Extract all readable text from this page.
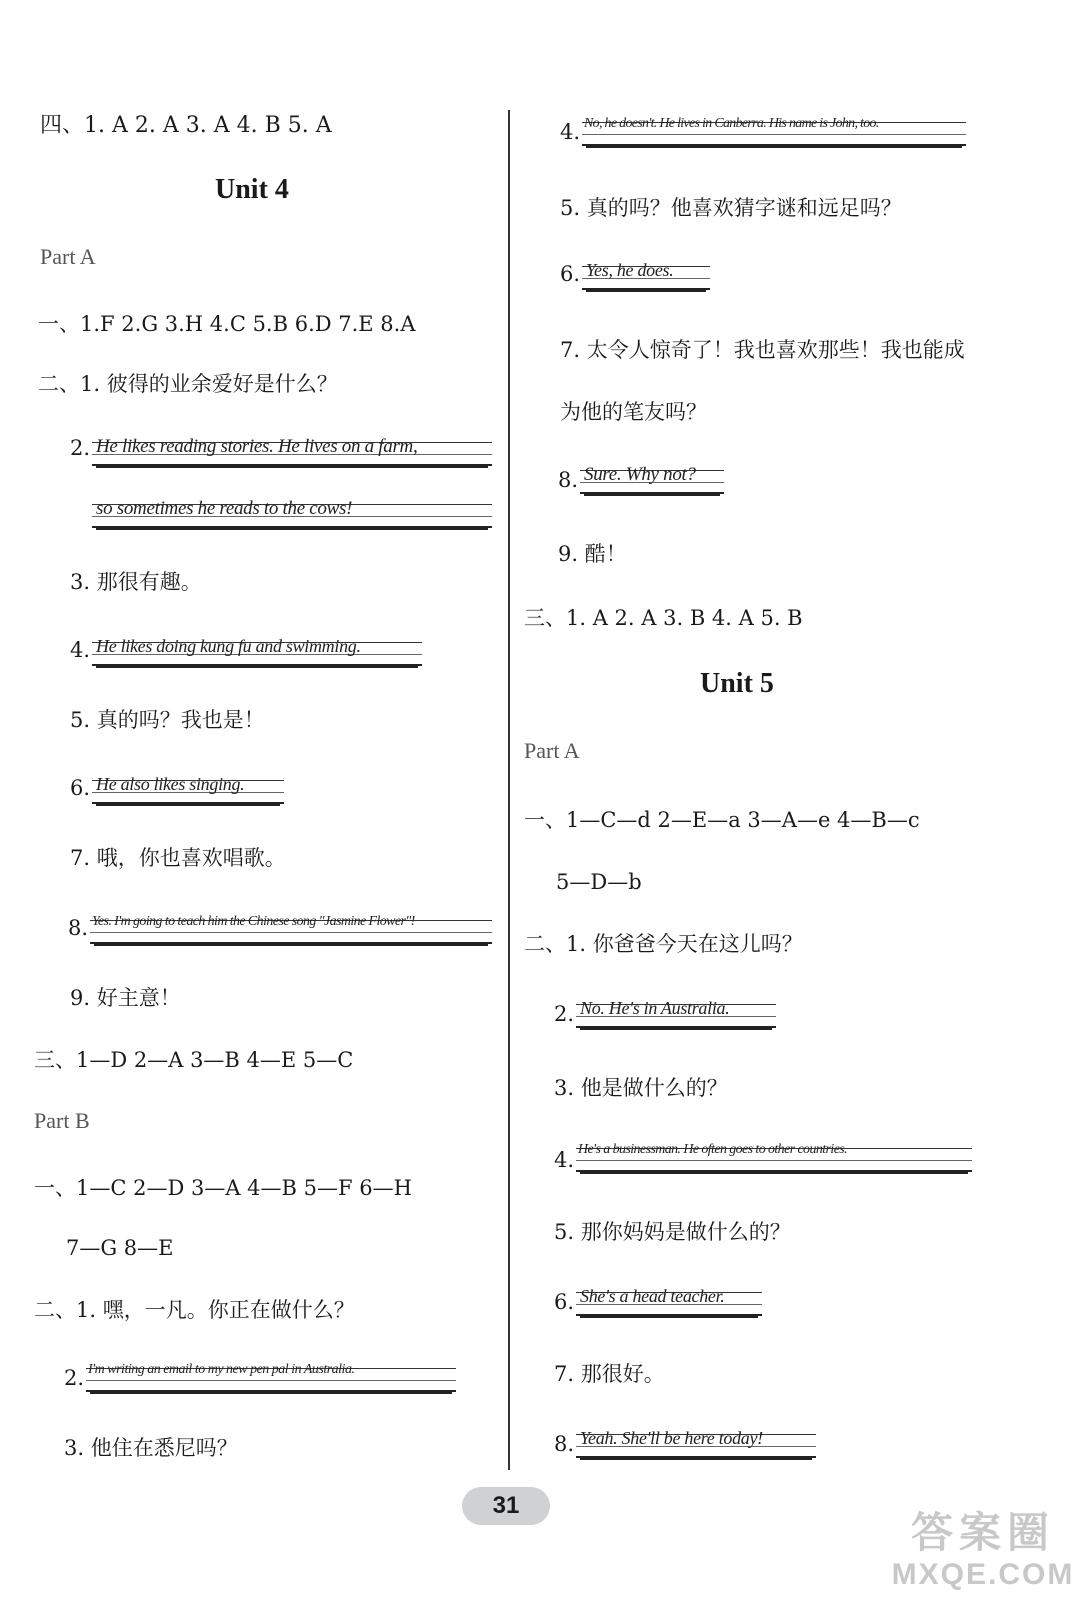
四、1. A 2. A 3. A 4. B 5. A
Unit 4
Part A
一、1.F 2.G 3.H 4.C 5.B 6.D 7.E 8.A
二、1. 彼得的业余爱好是什么？
2. He likes reading stories. He lives on a farm,
so sometimes he reads to the cows!
3. 那很有趣。
4. He likes doing kung fu and swimming.
5. 真的吗？我也是！
6. He also likes singing.
7. 哦，你也喜欢唱歌。
8. Yes. I'm going to teach him the Chinese song "Jasmine Flower"!
9. 好主意！
三、1—D 2—A 3—B 4—E 5—C
Part B
一、1—C 2—D 3—A 4—B 5—F 6—H
7—G 8—E
二、1. 嘿，一凡。你正在做什么？
2. I'm writing an email to my new pen pal in Australia.
3. 他住在悉尼吗？
4. No, he doesn't. He lives in Canberra. His name is John, too.
5. 真的吗？他喜欢猜字谜和远足吗？
6. Yes, he does.
7. 太令人惊奇了！我也喜欢那些！我也能成
为他的笔友吗？
8. Sure. Why not?
9. 酷！
三、1. A 2. A 3. B 4. A 5. B
Unit 5
Part A
一、1—C—d 2—E—a 3—A—e 4—B—c
5—D—b
二、1. 你爸爸今天在这儿吗？
2. No. He's in Australia.
3. 他是做什么的？
4. He's a businessman. He often goes to other countries.
5. 那你妈妈是做什么的？
6. She's a head teacher.
7. 那很好。
8. Yeah. She'll be here today!
31
答案圈
MXQE.COM
